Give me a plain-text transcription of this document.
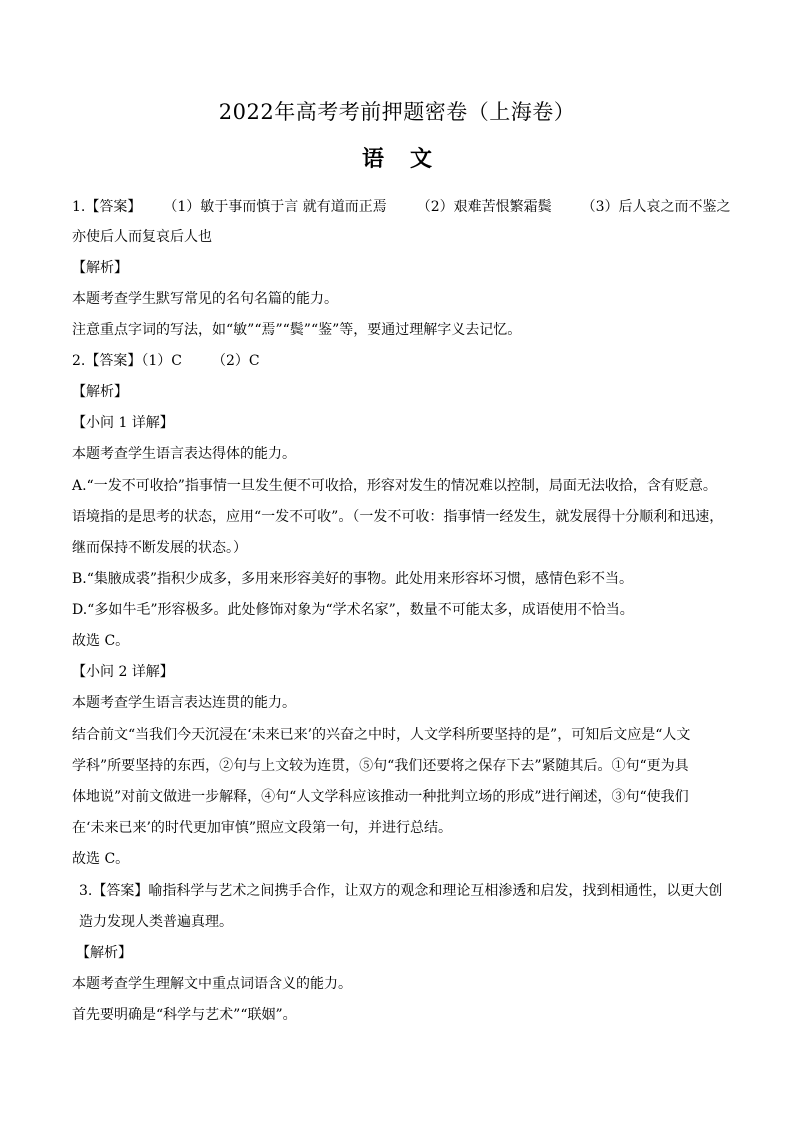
2022年高考考前押题密卷（上海卷）
语 文
1.【答案】 （1）敏于事而慎于言 就有道而正焉 （2）艰难苦恨繁霜鬓 （3）后人哀之而不鉴之
亦使后人而复哀后人也
【解析】
本题考查学生默写常见的名句名篇的能力。
注意重点字词的写法，如“敏”“焉”“鬓”“鉴”等，要通过理解字义去记忆。
2.【答案】（1）C （2）C
【解析】
【小问 1 详解】
本题考查学生语言表达得体的能力。
A.“一发不可收拾”指事情一旦发生便不可收拾，形容对发生的情况难以控制，局面无法收拾，含有贬意。
语境指的是思考的状态，应用“一发不可收”。（一发不可收：指事情一经发生，就发展得十分顺利和迅速，
继而保持不断发展的状态。）
B.“集腋成裘”指积少成多，多用来形容美好的事物。此处用来形容坏习惯，感情色彩不当。
D.“多如牛毛”形容极多。此处修饰对象为“学术名家”，数量不可能太多，成语使用不恰当。
故选 C。
【小问 2 详解】
本题考查学生语言表达连贯的能力。
结合前文“当我们今天沉浸在‘未来已来’的兴奋之中时，人文学科所要坚持的是”，可知后文应是“人文
学科”所要坚持的东西，②句与上文较为连贯，⑤句“我们还要将之保存下去”紧随其后。①句“更为具
体地说”对前文做进一步解释，④句“人文学科应该推动一种批判立场的形成”进行阐述，③句“使我们
在‘未来已来’的时代更加审慎”照应文段第一句，并进行总结。
故选 C。
3.【答案】喻指科学与艺术之间携手合作，让双方的观念和理论互相渗透和启发，找到相通性，以更大创
造力发现人类普遍真理。
【解析】
本题考查学生理解文中重点词语含义的能力。
首先要明确是“科学与艺术”“联姻”。
